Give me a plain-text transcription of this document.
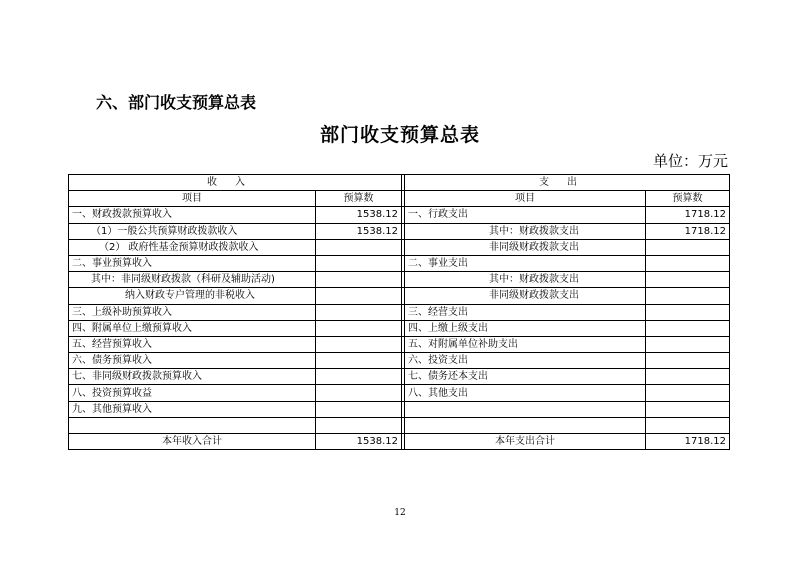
六、部门收支预算总表
部门收支预算总表
单位：万元
收入			支出	
项目	预算数		项目	预算数
一、财政拨款预算收入	1538.12		一、行政支出	1718.12
（1）一般公共预算财政拨款收入	1538.12		其中：财政拨款支出	1718.12
（2） 政府性基金预算财政拨款收入			非同级财政拨款支出	
二、事业预算收入			二、事业支出	
其中：非同级财政拨款（科研及辅助活动)			其中：财政拨款支出	
纳入财政专户管理的非税收入			非同级财政拨款支出	
三、上级补助预算收入			三、经营支出	
四、附属单位上缴预算收入			四、上缴上级支出	
五、经营预算收入			五、对附属单位补助支出	
六、债务预算收入			六、投资支出	
七、非同级财政拨款预算收入			七、债务还本支出	
八、投资预算收益			八、其他支出	
九、其他预算收入				

本年收入合计	1538.12		本年支出合计	1718.12
12
